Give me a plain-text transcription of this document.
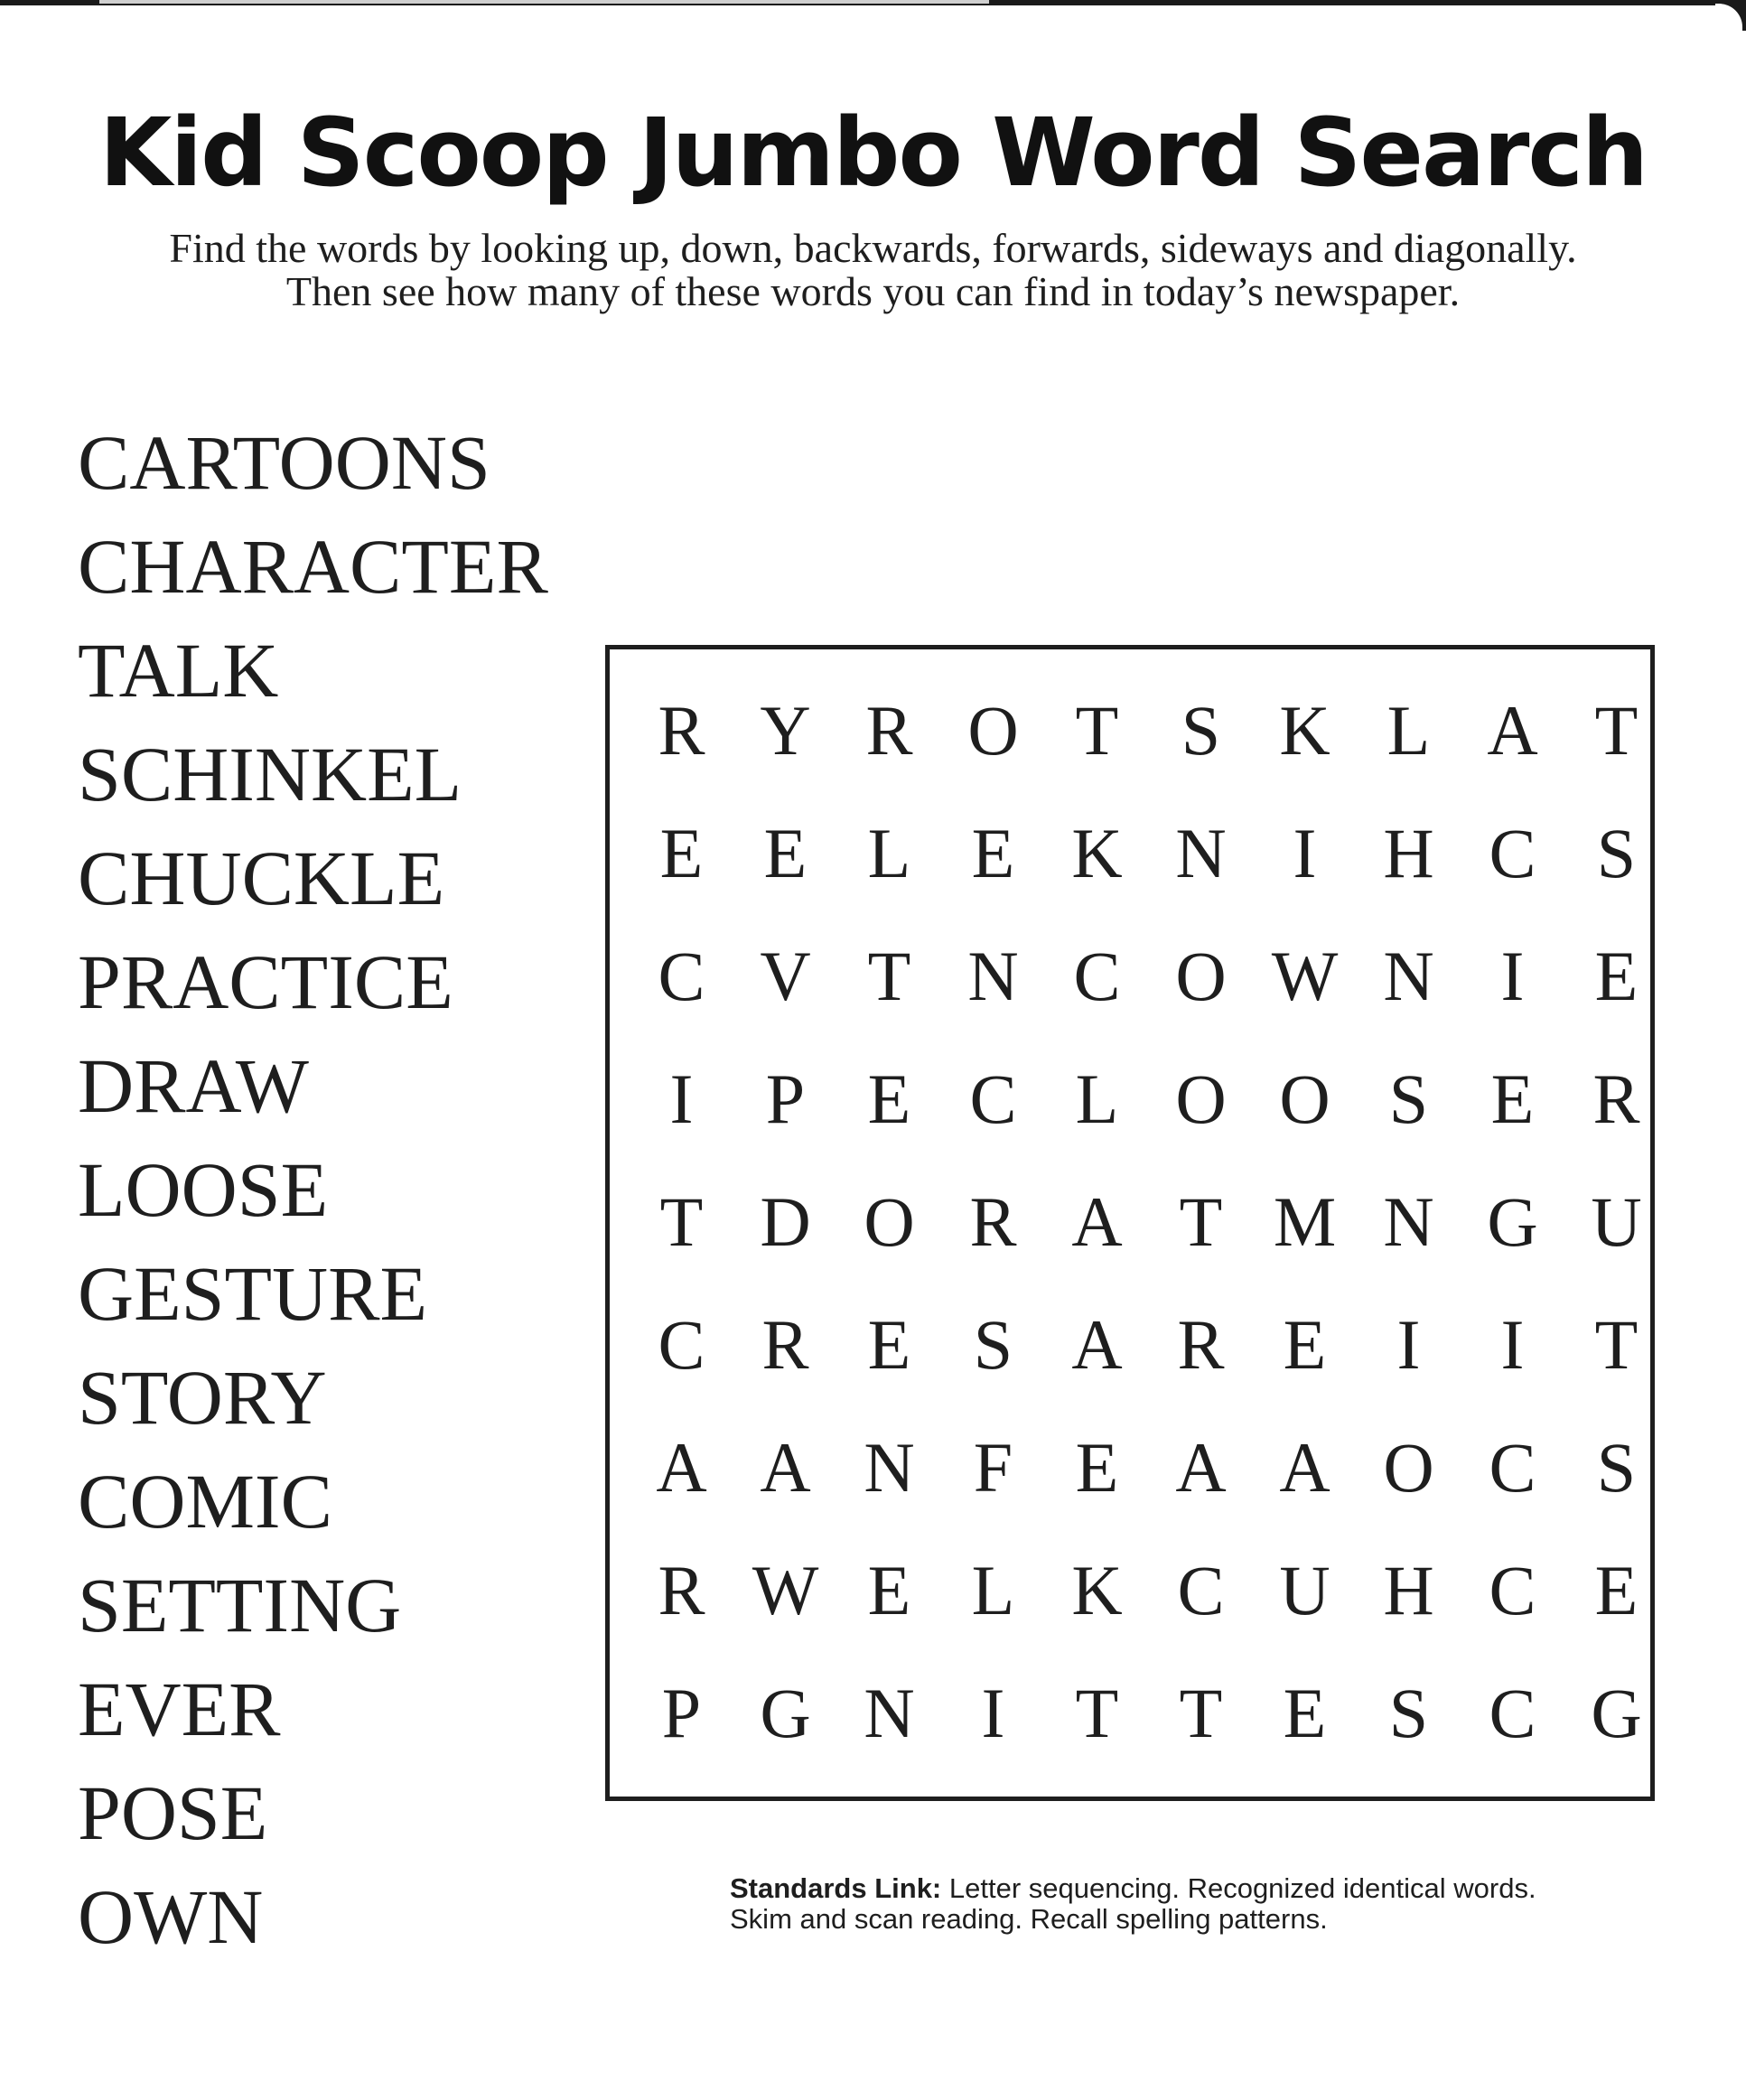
Kid Scoop Jumbo Word Search
Find the words by looking up, down, backwards, forwards, sideways and diagonally.
Then see how many of these words you can find in today’s newspaper.
CARTOONS
CHARACTER
TALK
SCHINKEL
CHUCKLE
PRACTICE
DRAW
LOOSE
GESTURE
STORY
COMIC
SETTING
EVER
POSE
OWN
R Y R O T S K L A T
E E L E K N I H C S
C V T N C O W N I	E
I	P E C L O O S E R
T D O R A T M N G U
C R E S A R E	I	I	T
A A N F E A A O C S
R W E L K C U H C E
P G N I	T T E S C G
Standards Link: Letter sequencing. Recognized identical words.
Skim and scan reading. Recall spelling patterns.
